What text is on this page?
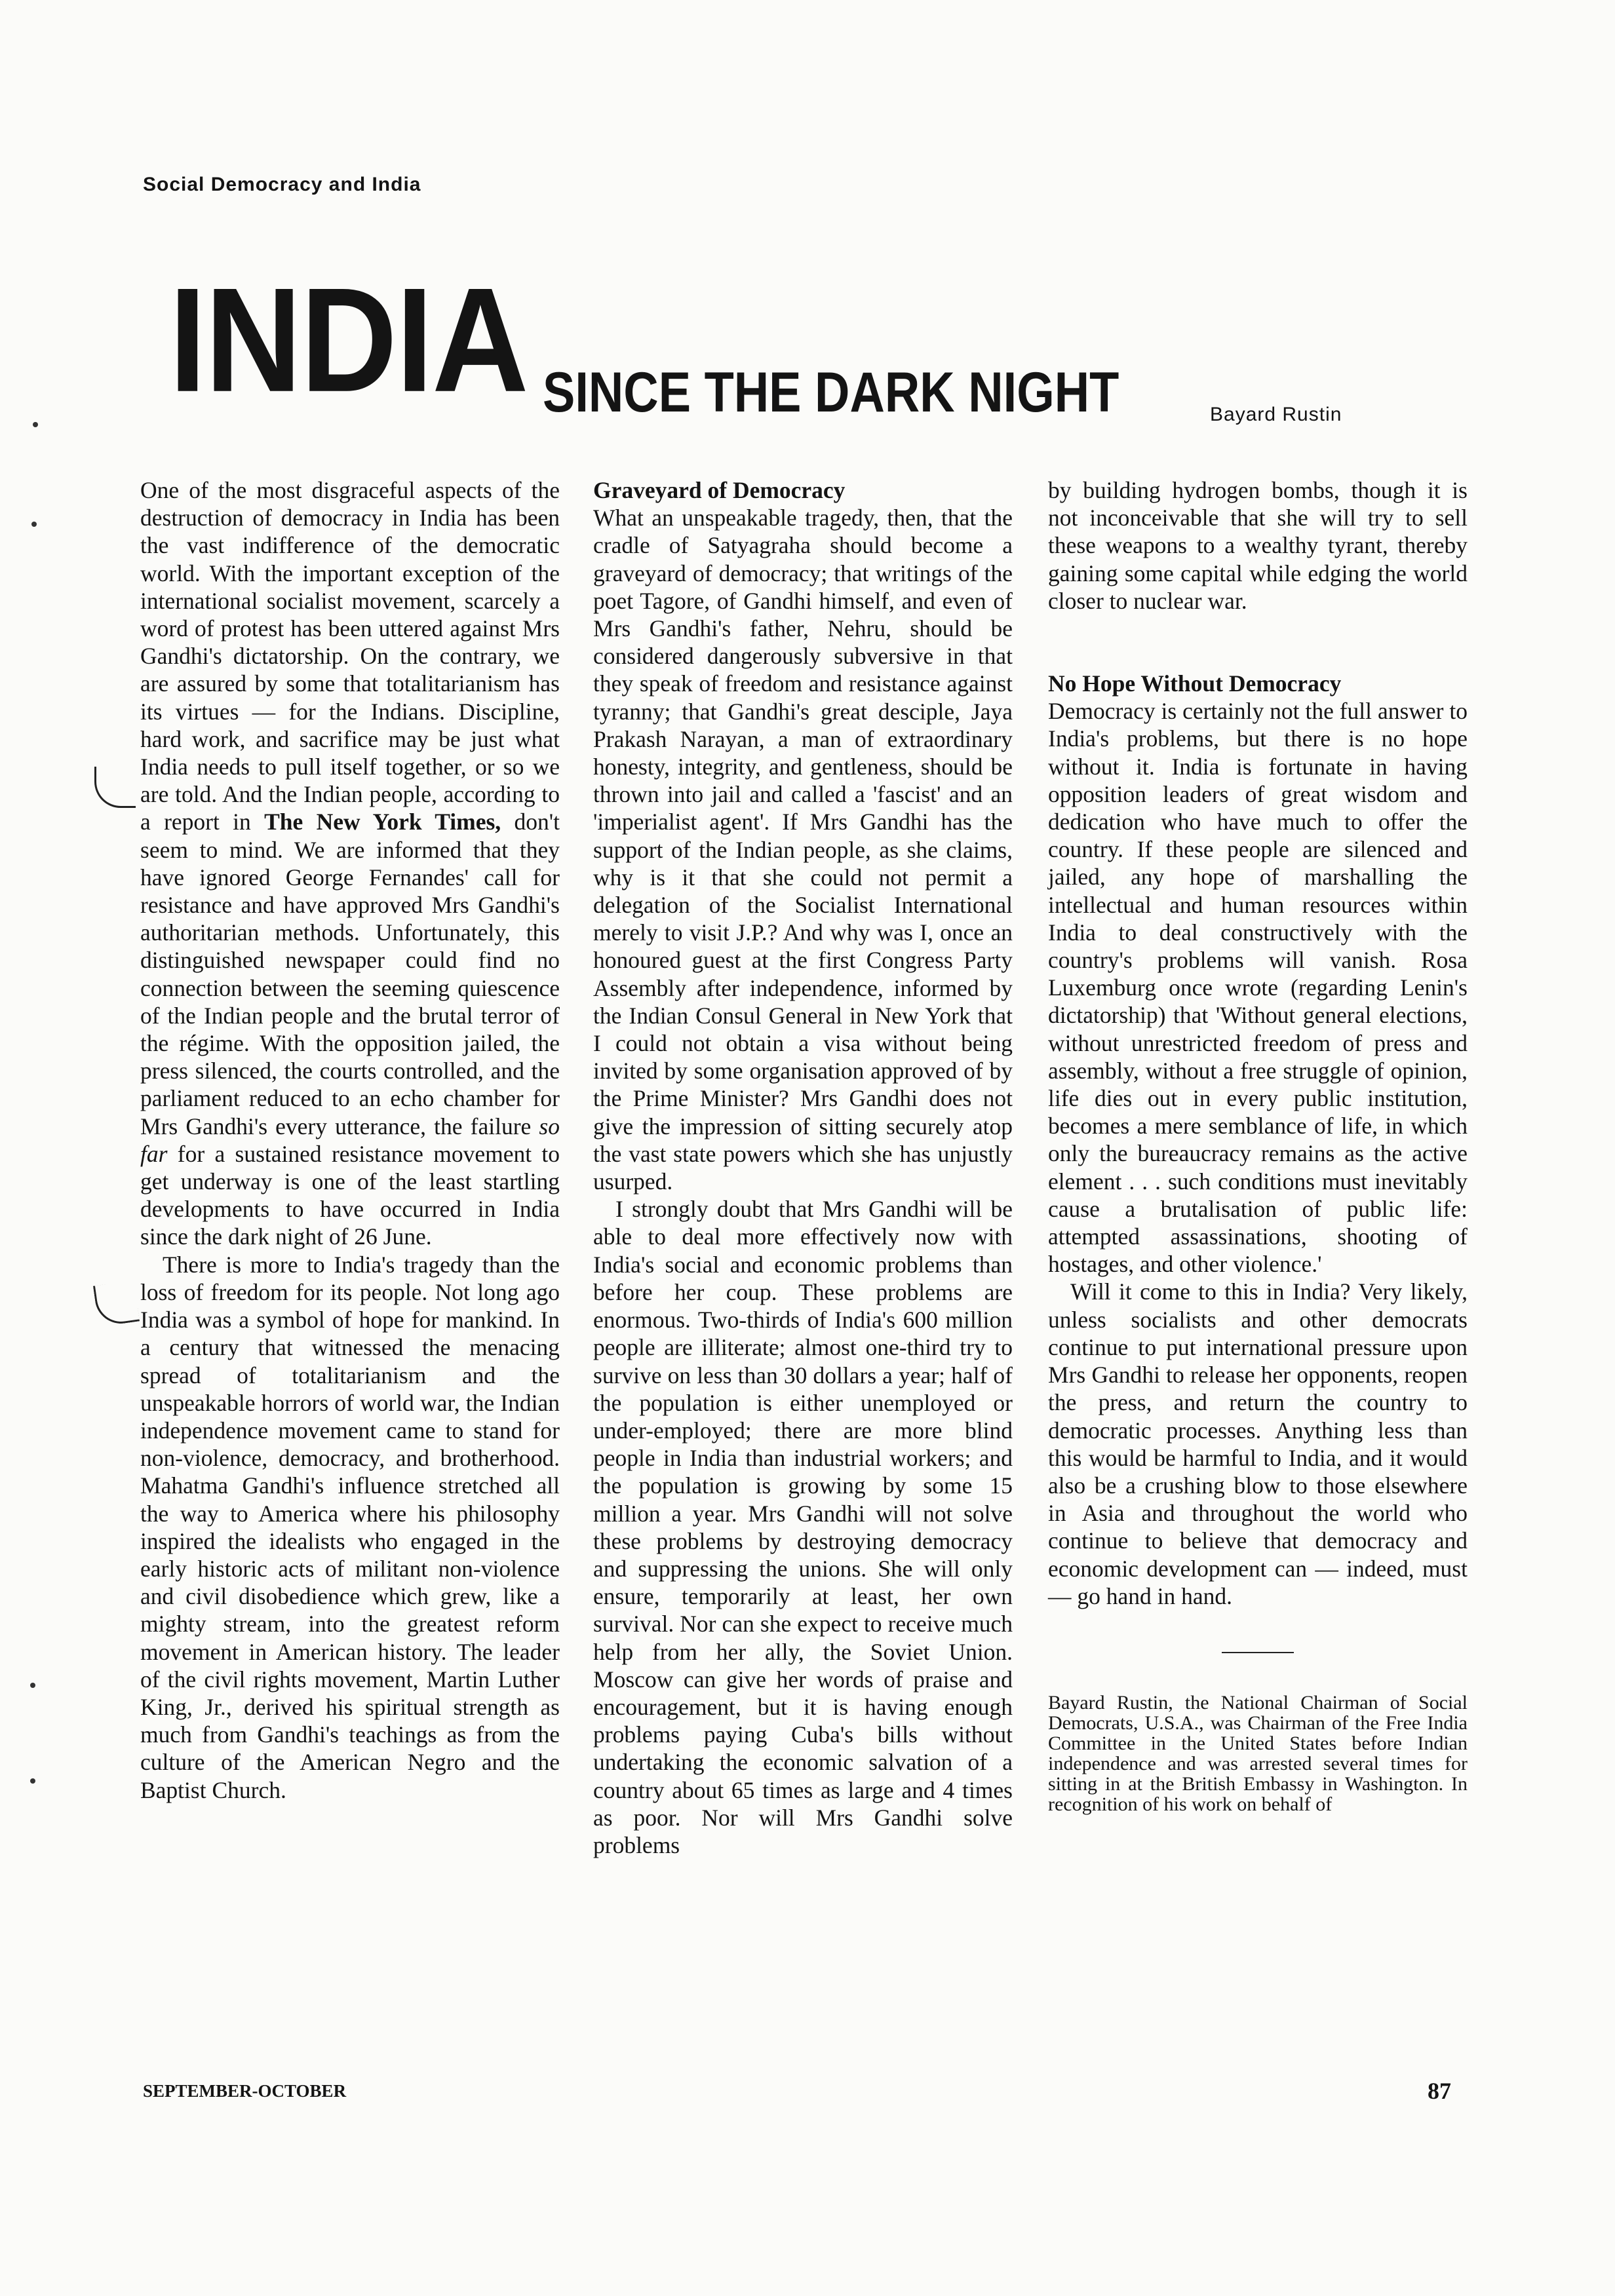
Social Democracy and India
INDIA SINCE THE DARK NIGHT	Bayard Rustin

One of the most disgraceful aspects of the destruction of democracy in India has been the vast indifference of the democratic world. With the important exception of the international socialist movement, scarcely a word of protest has been uttered against Mrs Gandhi's dictatorship. On the contrary, we are assured by some that totalitarianism has its virtues — for the Indians. Discipline, hard work, and sacrifice may be just what India needs to pull itself together, or so we are told. And the Indian people, according to a report in The New York Times, don't seem to mind. We are informed that they have ignored George Fernandes' call for resistance and have approved Mrs Gandhi's authoritarian methods. Unfortunately, this distinguished newspaper could find no connection between the seeming quiescence of the Indian people and the brutal terror of the régime. With the opposition jailed, the press silenced, the courts controlled, and the parliament reduced to an echo chamber for Mrs Gandhi's every utterance, the failure so far for a sustained resistance movement to get underway is one of the least startling developments to have occurred in India since the dark night of 26 June.

There is more to India's tragedy than the loss of freedom for its people. Not long ago India was a symbol of hope for mankind. In a century that witnessed the menacing spread of totalitarianism and the unspeakable horrors of world war, the Indian independence movement came to stand for non-violence, democracy, and brotherhood. Mahatma Gandhi's influence stretched all the way to America where his philosophy inspired the idealists who engaged in the early historic acts of militant non-violence and civil disobedience which grew, like a mighty stream, into the greatest reform movement in American history. The leader of the civil rights movement, Martin Luther King, Jr., derived his spiritual strength as much from Gandhi's teachings as from the culture of the American Negro and the Baptist Church.

Graveyard of Democracy

What an unspeakable tragedy, then, that the cradle of Satyagraha should become a graveyard of democracy; that writings of the poet Tagore, of Gandhi himself, and even of Mrs Gandhi's father, Nehru, should be considered dangerously subversive in that they speak of freedom and resistance against tyranny; that Gandhi's great desciple, Jaya Prakash Narayan, a man of extraordinary honesty, integrity, and gentleness, should be thrown into jail and called a 'fascist' and an 'imperialist agent'. If Mrs Gandhi has the support of the Indian people, as she claims, why is it that she could not permit a delegation of the Socialist International merely to visit J.P.? And why was I, once an honoured guest at the first Congress Party Assembly after independence, informed by the Indian Consul General in New York that I could not obtain a visa without being invited by some organisation approved of by the Prime Minister? Mrs Gandhi does not give the impression of sitting securely atop the vast state powers which she has unjustly usurped.

I strongly doubt that Mrs Gandhi will be able to deal more effectively now with India's social and economic problems than before her coup. These problems are enormous. Two-thirds of India's 600 million people are illiterate; almost one-third try to survive on less than 30 dollars a year; half of the population is either unemployed or under-employed; there are more blind people in India than industrial workers; and the population is growing by some 15 million a year. Mrs Gandhi will not solve these problems by destroying democracy and suppressing the unions. She will only ensure, temporarily at least, her own survival. Nor can she expect to receive much help from her ally, the Soviet Union. Moscow can give her words of praise and encouragement, but it is having enough problems paying Cuba's bills without undertaking the economic salvation of a country about 65 times as large and 4 times as poor. Nor will Mrs Gandhi solve problems

by building hydrogen bombs, though it is not inconceivable that she will try to sell these weapons to a wealthy tyrant, thereby gaining some capital while edging the world closer to nuclear war.

No Hope Without Democracy

Democracy is certainly not the full answer to India's problems, but there is no hope without it. India is fortunate in having opposition leaders of great wisdom and dedication who have much to offer the country. If these people are silenced and jailed, any hope of marshalling the intellectual and human resources within India to deal constructively with the country's problems will vanish. Rosa Luxemburg once wrote (regarding Lenin's dictatorship) that 'Without general elections, without unrestricted freedom of press and assembly, without a free struggle of opinion, life dies out in every public institution, becomes a mere semblance of life, in which only the bureaucracy remains as the active element . . . such conditions must inevitably cause a brutalisation of public life: attempted assassinations, shooting of hostages, and other violence.'

Will it come to this in India? Very likely, unless socialists and other democrats continue to put international pressure upon Mrs Gandhi to release her opponents, reopen the press, and return the country to democratic processes. Anything less than this would be harmful to India, and it would also be a crushing blow to those elsewhere in Asia and throughout the world who continue to believe that democracy and economic development can — indeed, must — go hand in hand.

Bayard Rustin, the National Chairman of Social Democrats, U.S.A., was Chairman of the Free India Committee in the United States before Indian independence and was arrested several times for sitting in at the British Embassy in Washington. In recognition of his work on behalf of

SEPTEMBER-OCTOBER	87
